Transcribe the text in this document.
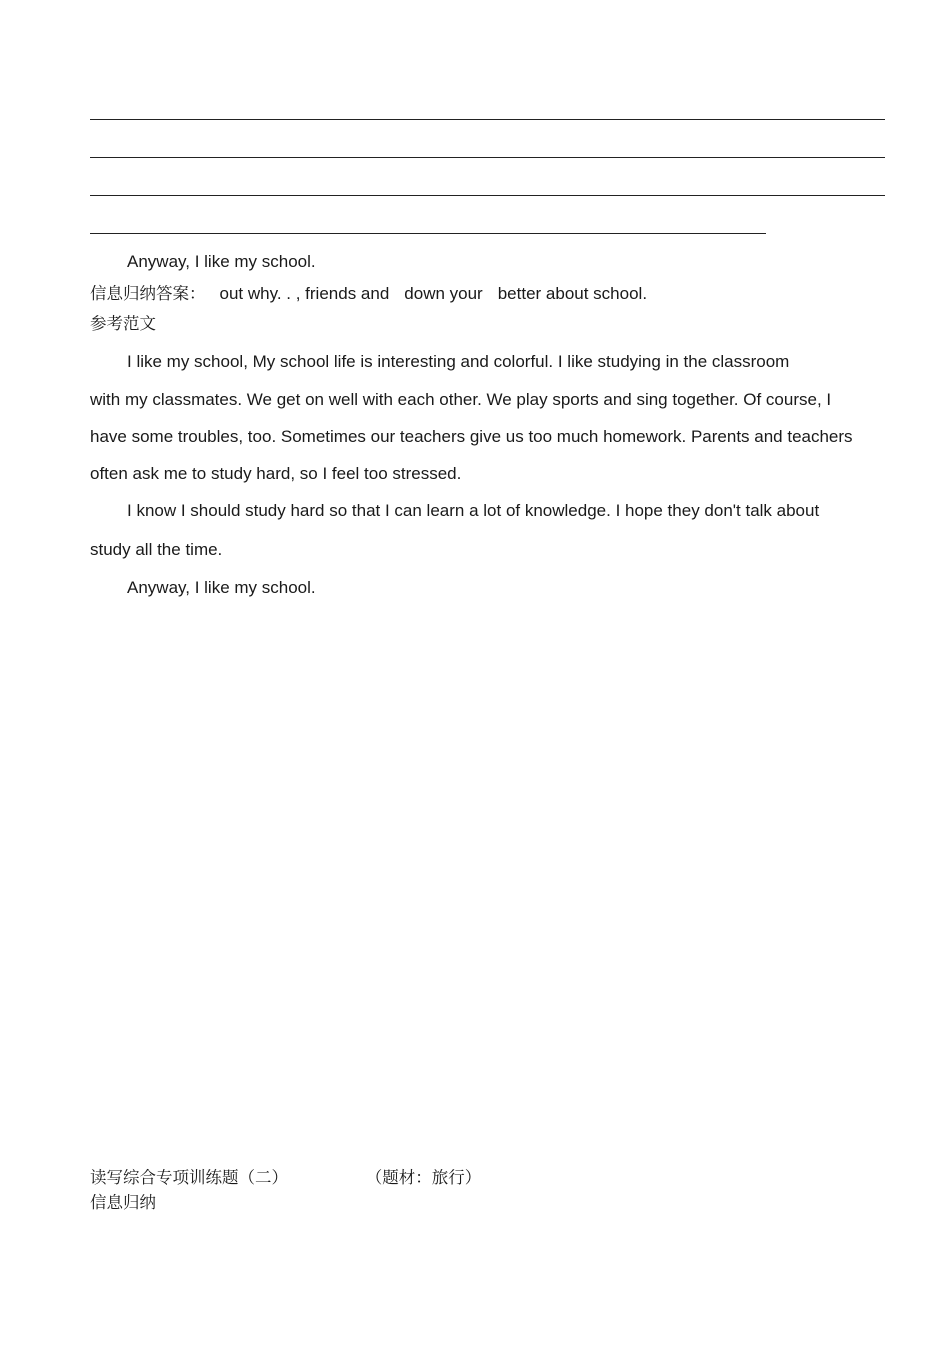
Anyway, I like my school.
信息归纳答案： out why. . , friends and down your better about school.
参考范文
I like my school, My school life is interesting and colorful. I like studying in the classroom
with my classmates. We get on well with each other. We play sports and sing together. Of course, I
have some troubles, too. Sometimes our teachers give us too much homework. Parents and teachers
often ask me to study hard, so I feel too stressed.
I know I should study hard so that I can learn a lot of knowledge. I hope they don't talk about
study all the time.
Anyway, I like my school.
读写综合专项训练题（二）	（题材：旅行）
信息归纳
